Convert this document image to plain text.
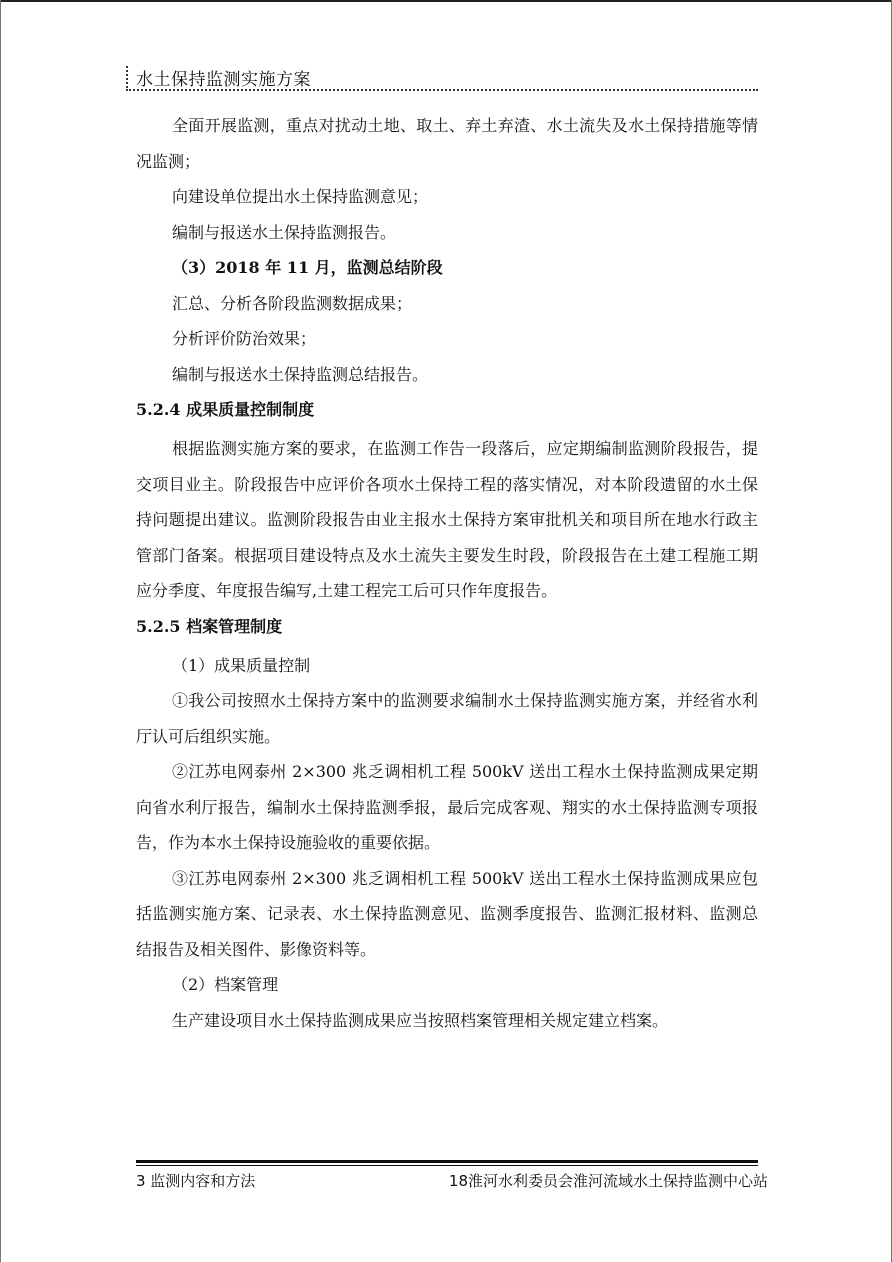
水土保持监测实施方案

全面开展监测，重点对扰动土地、取土、弃土弃渣、水土流失及水土保持措施等情况监测；

向建设单位提出水土保持监测意见；

编制与报送水土保持监测报告。

（3）2018 年 11 月，监测总结阶段

汇总、分析各阶段监测数据成果；

分析评价防治效果；

编制与报送水土保持监测总结报告。

5.2.4 成果质量控制制度

根据监测实施方案的要求，在监测工作告一段落后，应定期编制监测阶段报告，提交项目业主。阶段报告中应评价各项水土保持工程的落实情况，对本阶段遗留的水土保持问题提出建议。监测阶段报告由业主报水土保持方案审批机关和项目所在地水行政主管部门备案。根据项目建设特点及水土流失主要发生时段，阶段报告在土建工程施工期应分季度、年度报告编写,土建工程完工后可只作年度报告。

5.2.5 档案管理制度

（1）成果质量控制

①我公司按照水土保持方案中的监测要求编制水土保持监测实施方案，并经省水利厅认可后组织实施。

②江苏电网泰州 2×300 兆乏调相机工程 500kV 送出工程水土保持监测成果定期向省水利厅报告，编制水土保持监测季报，最后完成客观、翔实的水土保持监测专项报告，作为本水土保持设施验收的重要依据。

③江苏电网泰州 2×300 兆乏调相机工程 500kV 送出工程水土保持监测成果应包括监测实施方案、记录表、水土保持监测意见、监测季度报告、监测汇报材料、监测总结报告及相关图件、影像资料等。

（2）档案管理

生产建设项目水土保持监测成果应当按照档案管理相关规定建立档案。

3 监测内容和方法	18淮河水利委员会淮河流域水土保持监测中心站
